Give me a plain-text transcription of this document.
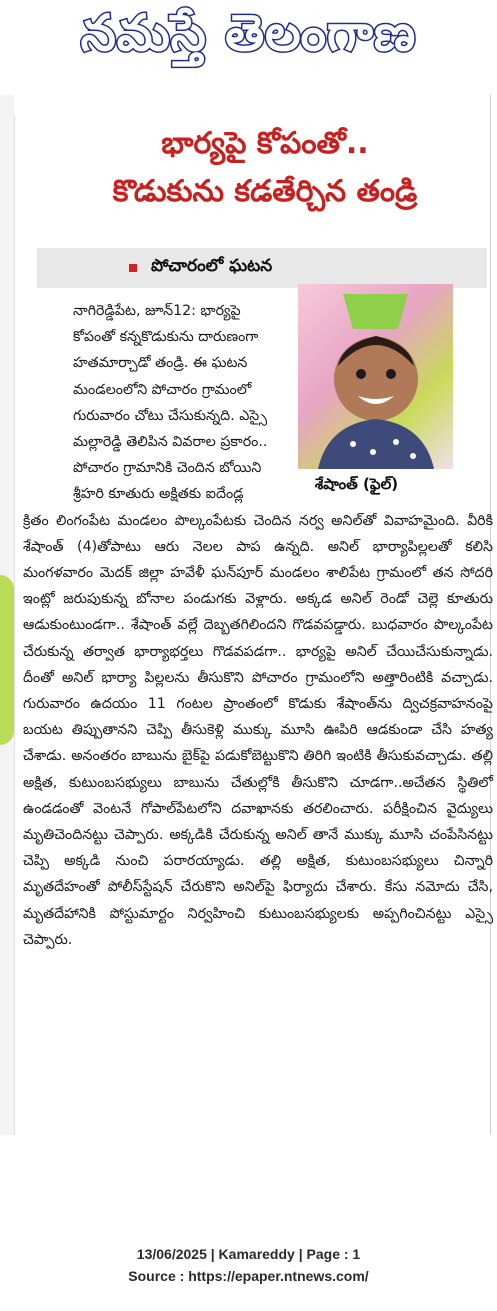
నమస్తే తెలంగాణ
భార్యపై కోపంతో..
కొడుకును కడతేర్చిన తండ్రి
పోచారంలో ఘటన
శేషాంత్ (ఫైల్)
నాగిరెడ్డిపేట, జూన్12: భార్యపై
కోపంతో కన్నకొడుకును దారుణంగా
హతమార్చాడో తండ్రి. ఈ ఘటన
మండలంలోని పోచారం గ్రామంలో
గురువారం చోటు చేసుకున్నది. ఎస్సై
మల్లారెడ్డి తెలిపిన వివరాల ప్రకారం..
పోచారం గ్రామానికి చెందిన బోయిని
శ్రీహరి కూతురు అక్షితకు ఐదేండ్ల

క్రితం లింగంపేట మండలం పొల్కంపేటకు చెందిన నర్వ అనిల్‌తో వివాహమైంది. వీరికి శేషాంత్ (4)తోపాటు ఆరు నెలల పాప ఉన్నది. అనిల్ భార్యాపిల్లలతో కలిసి మంగళవారం మెదక్ జిల్లా హవేళీ ఘన్‌పూర్ మండలం శాలిపేట గ్రామంలో తన సోదరి ఇంట్లో జరుపుకున్న బోనాల పండుగకు వెళ్లారు. అక్కడ అనిల్ రెండో చెల్లె కూతురు ఆడుకుంటుండగా.. శేషాంత్ వల్లే దెబ్బతగిలిందని గొడవపడ్డారు. బుధవారం పొల్కంపేట చేరుకున్న తర్వాత భార్యాభర్తలు గొడవపడగా.. భార్యపై అనిల్ చేయిచేసుకున్నాడు. దీంతో అనిల్ భార్యా పిల్లలను తీసుకొని పోచారం గ్రామంలోని అత్తారింటికి వచ్చాడు. గురువారం ఉదయం 11 గంటల ప్రాంతంలో కొడుకు శేషాంత్‌ను ద్విచక్రవాహనంపై బయట తిప్పుతానని చెప్పి తీసుకెళ్లి ముక్కు మూసి ఊపిరి ఆడకుండా చేసి హత్య చేశాడు. అనంతరం బాబును బైక్‌పై పడుకోబెట్టుకొని తిరిగి ఇంటికి తీసుకువచ్చాడు. తల్లి అక్షిత, కుటుంబసభ్యులు బాబును చేతుల్లోకి తీసుకొని చూడగా..అచేతన స్థితిలో ఉండడంతో వెంటనే గోపాల్‌పేటలోని దవాఖానకు తరలించారు. పరీక్షించిన వైద్యులు మృతిచెందినట్టు చెప్పారు. అక్కడికి చేరుకున్న అనిల్ తానే ముక్కు మూసి చంపేసినట్టు చెప్పి అక్కడి నుంచి పరారయ్యాడు. తల్లి అక్షిత, కుటుంబసభ్యులు చిన్నారి మృతదేహంతో పోలీస్‌స్టేషన్ చేరుకొని అనిల్‌పై ఫిర్యాదు చేశారు. కేసు నమోదు చేసి, మృతదేహానికి పోస్టుమార్టం నిర్వహించి కుటుంబసభ్యులకు అప్పగించినట్టు ఎస్సై చెప్పారు.

13/06/2025 | Kamareddy | Page : 1
Source : https://epaper.ntnews.com/
